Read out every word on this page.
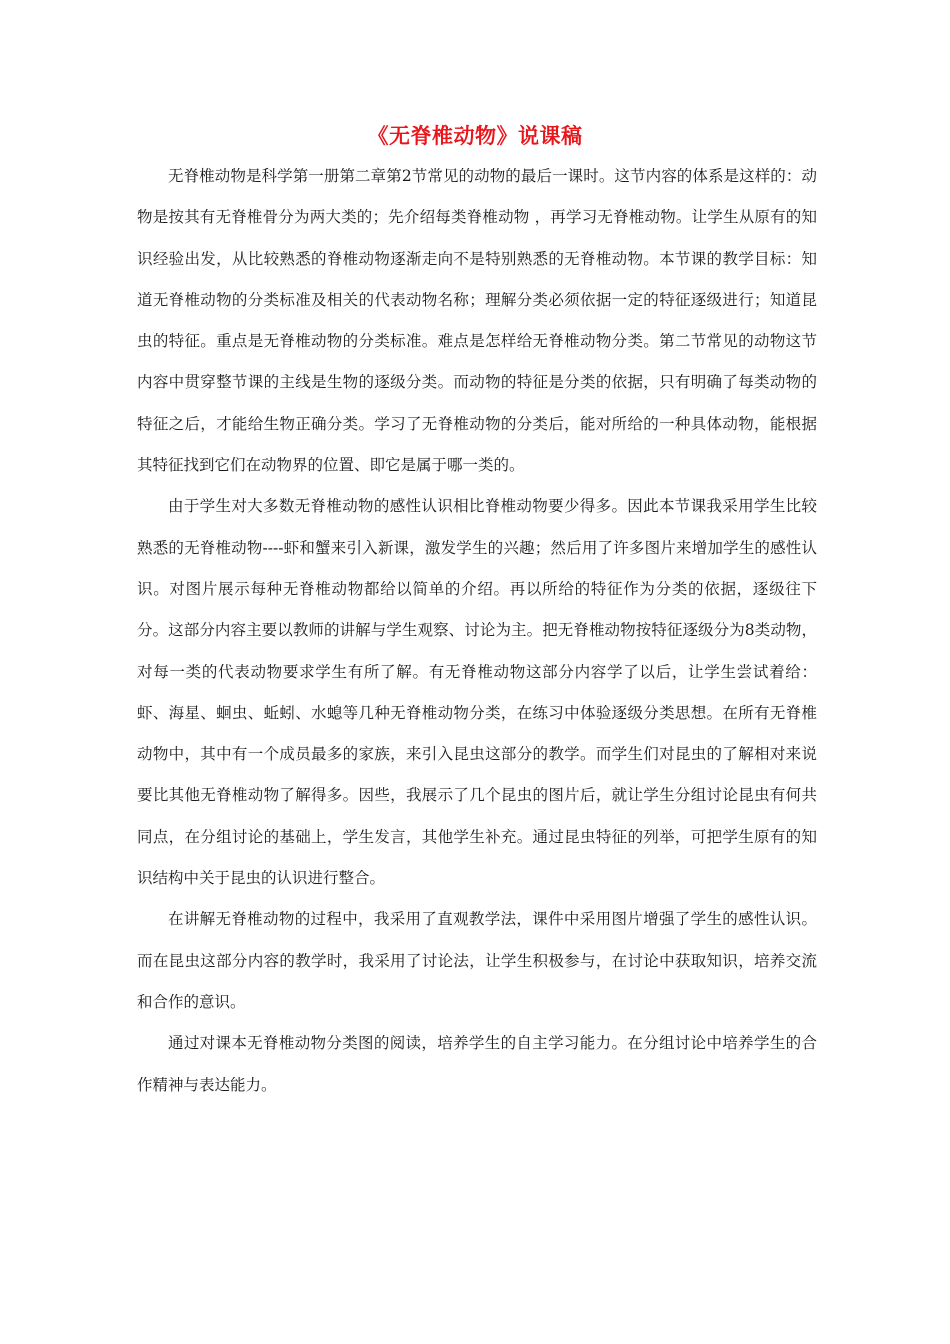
《无脊椎动物》说课稿

无脊椎动物是科学第一册第二章第2节常见的动物的最后一课时。这节内容的体系是这样的：动物是按其有无脊椎骨分为两大类的；先介绍每类脊椎动物 ，再学习无脊椎动物。让学生从原有的知识经验出发，从比较熟悉的脊椎动物逐渐走向不是特别熟悉的无脊椎动物。本节课的教学目标：知道无脊椎动物的分类标准及相关的代表动物名称；理解分类必须依据一定的特征逐级进行；知道昆虫的特征。重点是无脊椎动物的分类标准。难点是怎样给无脊椎动物分类。第二节常见的动物这节内容中贯穿整节课的主线是生物的逐级分类。而动物的特征是分类的依据，只有明确了每类动物的特征之后，才能给生物正确分类。学习了无脊椎动物的分类后，能对所给的一种具体动物，能根据其特征找到它们在动物界的位置、即它是属于哪一类的。

由于学生对大多数无脊椎动物的感性认识相比脊椎动物要少得多。因此本节课我采用学生比较熟悉的无脊椎动物----虾和蟹来引入新课，激发学生的兴趣；然后用了许多图片来增加学生的感性认识。对图片展示每种无脊椎动物都给以简单的介绍。再以所给的特征作为分类的依据，逐级往下分。这部分内容主要以教师的讲解与学生观察、讨论为主。把无脊椎动物按特征逐级分为8类动物，对每一类的代表动物要求学生有所了解。有无脊椎动物这部分内容学了以后，让学生尝试着给：虾、海星、蛔虫、蚯蚓、水螅等几种无脊椎动物分类，在练习中体验逐级分类思想。在所有无脊椎动物中，其中有一个成员最多的家族，来引入昆虫这部分的教学。而学生们对昆虫的了解相对来说要比其他无脊椎动物了解得多。因些，我展示了几个昆虫的图片后，就让学生分组讨论昆虫有何共同点，在分组讨论的基础上，学生发言，其他学生补充。通过昆虫特征的列举，可把学生原有的知识结构中关于昆虫的认识进行整合。

在讲解无脊椎动物的过程中，我采用了直观教学法，课件中采用图片增强了学生的感性认识。而在昆虫这部分内容的教学时，我采用了讨论法，让学生积极参与，在讨论中获取知识，培养交流和合作的意识。

通过对课本无脊椎动物分类图的阅读，培养学生的自主学习能力。在分组讨论中培养学生的合作精神与表达能力。
